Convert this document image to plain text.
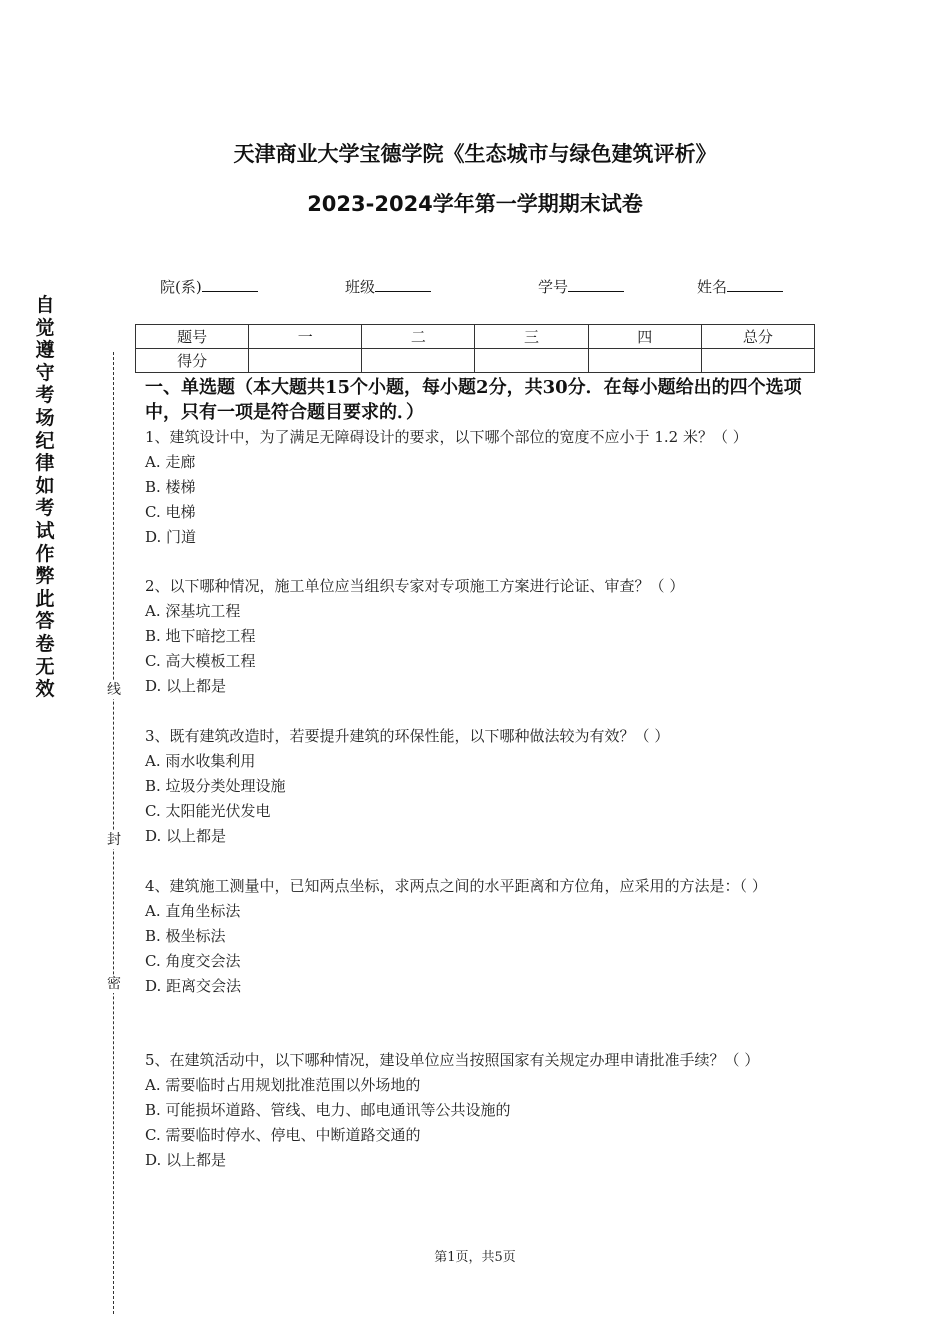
天津商业大学宝德学院《生态城市与绿色建筑评析》
2023-2024学年第一学期期末试卷
院(系)	班级	学号	姓名
题号	一	二	三	四	总分
得分					
自
觉
遵
守
考
场
纪
律
如
考
试
作
弊
此
答
卷
无
效	线
封
密
一、单选题（本大题共15个小题，每小题2分，共30分．在每小题给出的四个选项中，只有一项是符合题目要求的．）

1、建筑设计中，为了满足无障碍设计的要求，以下哪个部位的宽度不应小于 1.2 米？（ ）

A. 走廊

B. 楼梯

C. 电梯

D. 门道

2、以下哪种情况，施工单位应当组织专家对专项施工方案进行论证、审查？（ ）

A. 深基坑工程

B. 地下暗挖工程

C. 高大模板工程

D. 以上都是

3、既有建筑改造时，若要提升建筑的环保性能，以下哪种做法较为有效？（ ）

A. 雨水收集利用

B. 垃圾分类处理设施

C. 太阳能光伏发电

D. 以上都是

4、建筑施工测量中，已知两点坐标，求两点之间的水平距离和方位角，应采用的方法是：（ ）

A. 直角坐标法

B. 极坐标法

C. 角度交会法

D. 距离交会法

5、在建筑活动中，以下哪种情况，建设单位应当按照国家有关规定办理申请批准手续？（ ）

A. 需要临时占用规划批准范围以外场地的

B. 可能损坏道路、管线、电力、邮电通讯等公共设施的

C. 需要临时停水、停电、中断道路交通的

D. 以上都是

第1页，共5页
